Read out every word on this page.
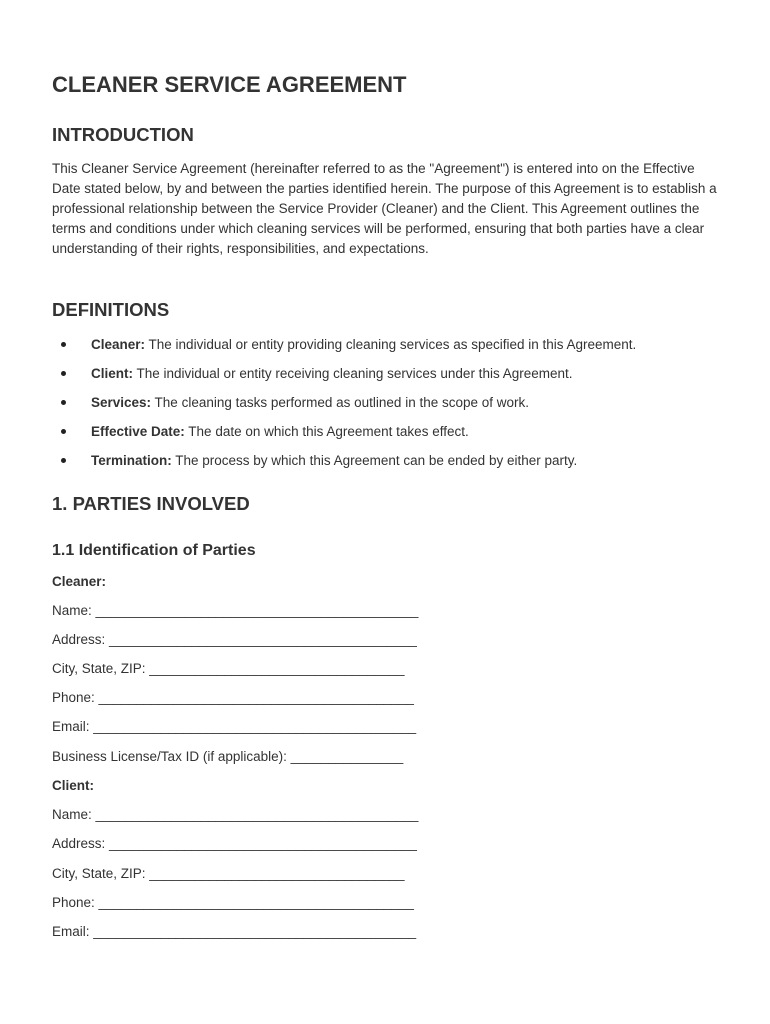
CLEANER SERVICE AGREEMENT
INTRODUCTION

This Cleaner Service Agreement (hereinafter referred to as the "Agreement") is entered into on the Effective Date stated below, by and between the parties identified herein. The purpose of this Agreement is to establish a professional relationship between the Service Provider (Cleaner) and the Client. This Agreement outlines the terms and conditions under which cleaning services will be performed, ensuring that both parties have a clear understanding of their rights, responsibilities, and expectations.

DEFINITIONS
Cleaner: The individual or entity providing cleaning services as specified in this Agreement.
Client: The individual or entity receiving cleaning services under this Agreement.
Services: The cleaning tasks performed as outlined in the scope of work.
Effective Date: The date on which this Agreement takes effect.
Termination: The process by which this Agreement can be ended by either party.
1. PARTIES INVOLVED
1.1 Identification of Parties

Cleaner:

Name: ___________________________________________

Address: _________________________________________

City, State, ZIP: __________________________________

Phone: __________________________________________

Email: ___________________________________________

Business License/Tax ID (if applicable): _______________

Client:

Name: ___________________________________________

Address: _________________________________________

City, State, ZIP: __________________________________

Phone: __________________________________________

Email: ___________________________________________
